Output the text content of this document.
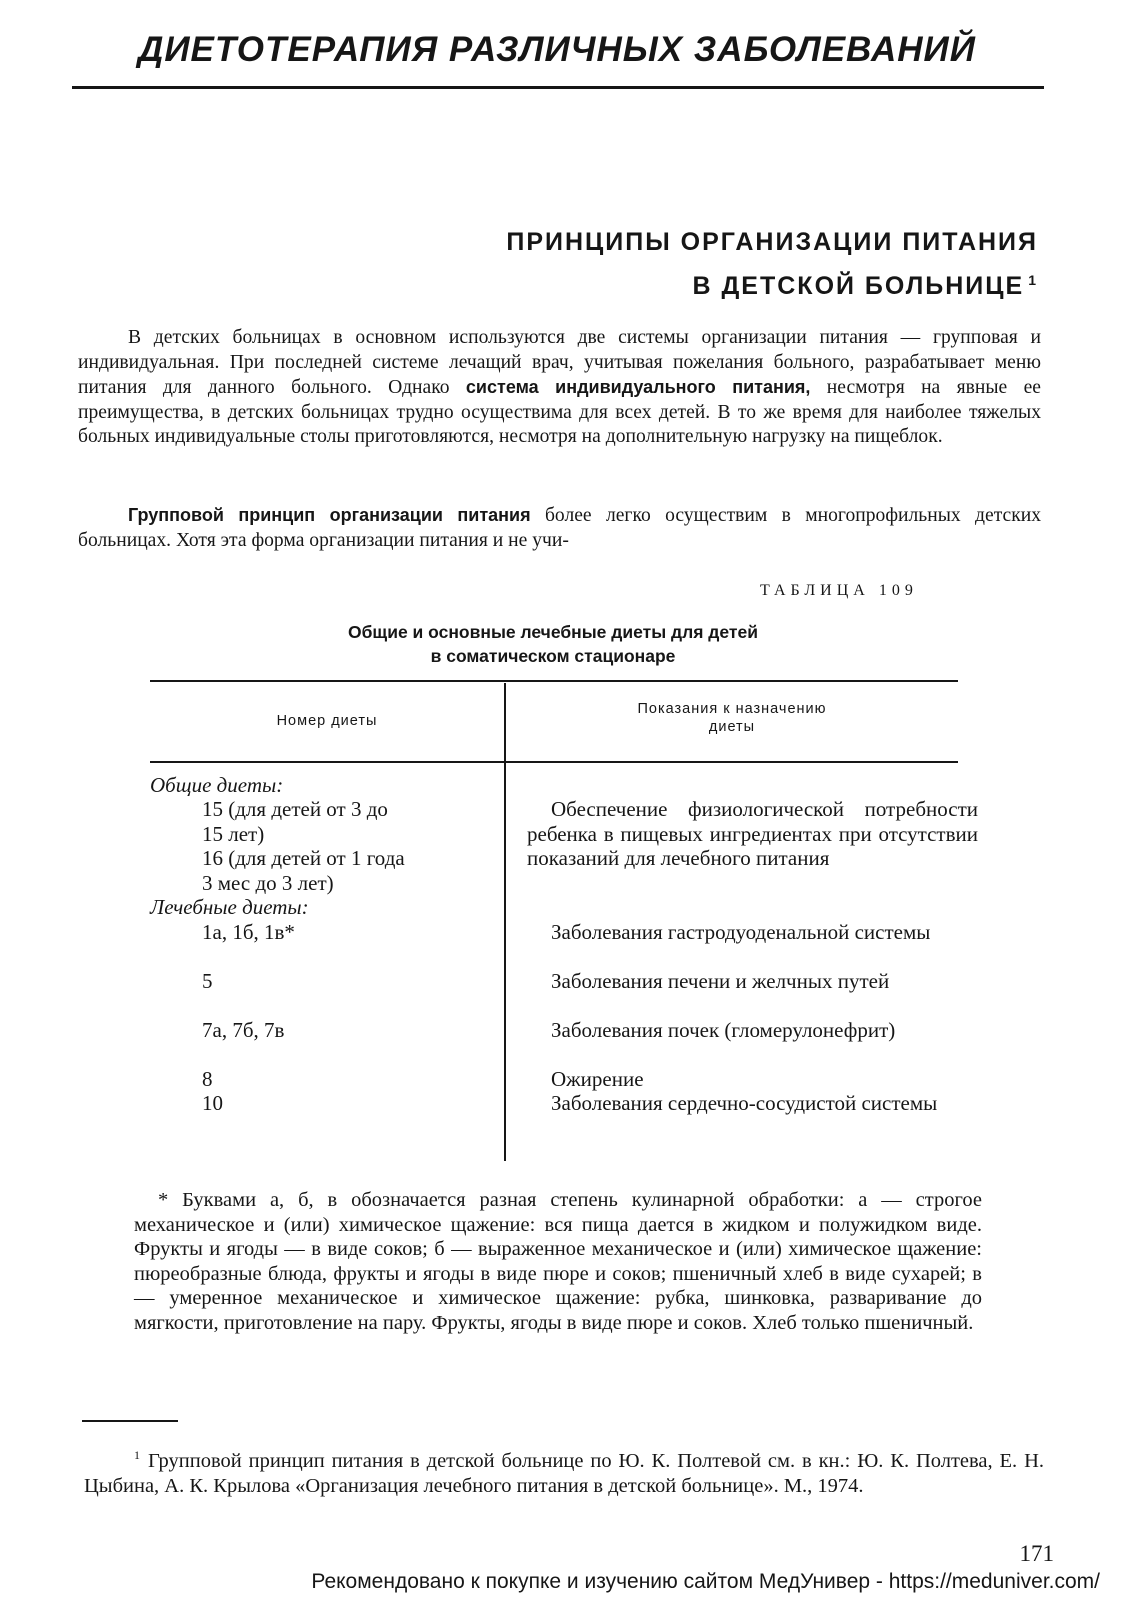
ДИЕТОТЕРАПИЯ РАЗЛИЧНЫХ ЗАБОЛЕВАНИЙ
ПРИНЦИПЫ ОРГАНИЗАЦИИ ПИТАНИЯ
В ДЕТСКОЙ БОЛЬНИЦЕ $^1$

В детских больницах в основном используются две системы организации питания — групповая и индивидуальная. При последней системе лечащий врач, учитывая пожелания больного, разрабатывает меню питания для данного больного. Однако система индивидуального питания, несмотря на явные ее преимущества, в детских больницах трудно осуществима для всех детей. В то же время для наиболее тяжелых больных индивидуальные столы приготовляются, несмотря на дополнительную нагрузку на пищеблок.

Групповой принцип организации питания более легко осуществим в многопрофильных детских больницах. Хотя эта форма организации питания и не учи-

ТАБЛИЦА 109
Общие и основные лечебные диеты для детей
в соматическом стационаре
Номер диеты
Показания к назначению
диеты
Общие диеты:
15 (для детей от 3 до
15 лет)
16 (для детей от 1 года
3 мес до 3 лет)
Лечебные диеты:
1а, 1б, 1в*
5
7а, 7б, 7в
8
10
Обеспечение физиологической потребности ребенка в пищевых ингредиентах при отсутствии показаний для лечебного питания
Заболевания гастродуоденальной системы
Заболевания печени и желчных путей
Заболевания почек (гломерулонефрит)
Ожирение
Заболевания сердечно-сосудистой системы

* Буквами а, б, в обозначается разная степень кулинарной обработки: а — строгое механическое и (или) химическое щажение: вся пища дается в жидком и полужидком виде. Фрукты и ягоды — в виде соков; б — выраженное механическое и (или) химическое щажение: пюреобразные блюда, фрукты и ягоды в виде пюре и соков; пшеничный хлеб в виде сухарей; в — умеренное механическое и химическое щажение: рубка, шинковка, разваривание до мягкости, приготовление на пару. Фрукты, ягоды в виде пюре и соков. Хлеб только пшеничный.

$^1$ Групповой принцип питания в детской больнице по Ю. К. Полтевой см. в кн.: Ю. К. Полтева, Е. Н. Цыбина, А. К. Крылова «Организация лечебного питания в детской больнице». М., 1974.

171
Рекомендовано к покупке и изучению сайтом МедУнивер - https://meduniver.com/
